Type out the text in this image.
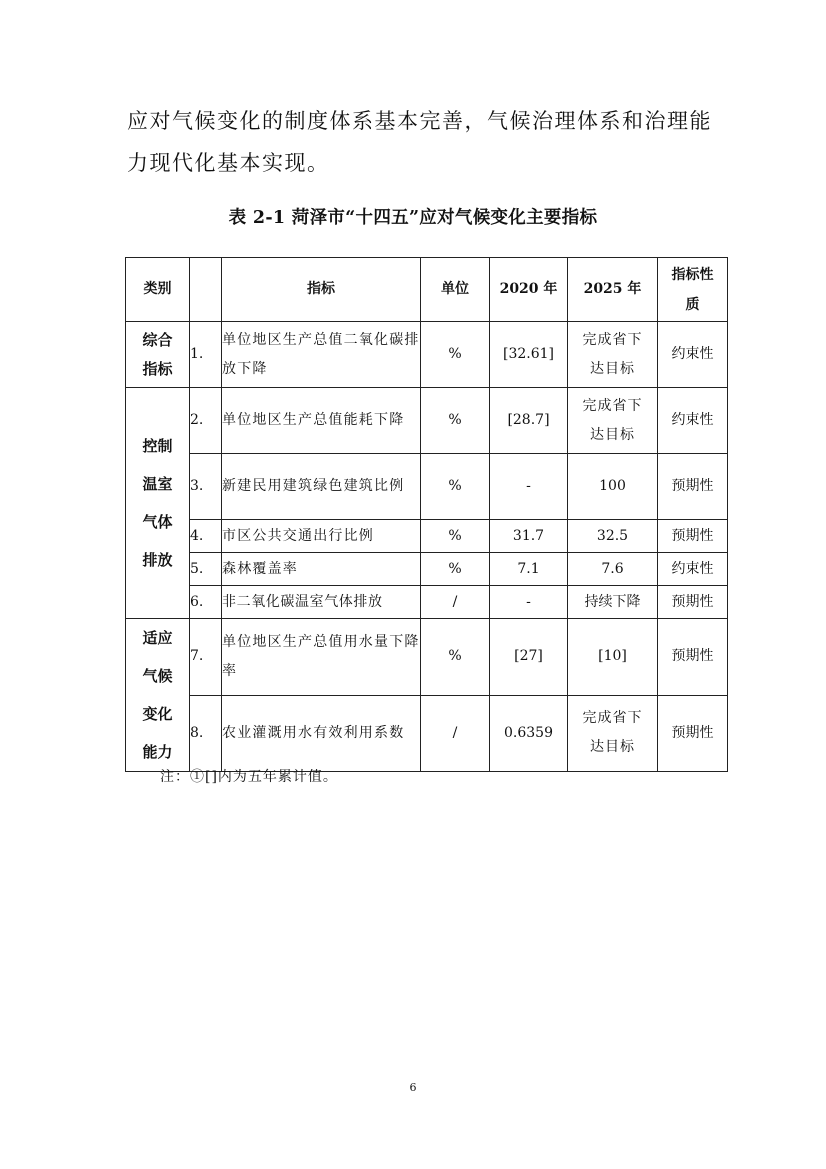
应对气候变化的制度体系基本完善，气候治理体系和治理能
力现代化基本实现。

表 2-1 菏泽市“十四五”应对气候变化主要指标

类别		指标	单位	2020 年	2025 年	指标性质
综合指标	1.	单位地区生产总值二氧化碳排放下降	%	[32.61]	完成省下达目标	约束性
控制温室气体排放	2.	单位地区生产总值能耗下降	%	[28.7]	完成省下达目标	约束性
	3.	新建民用建筑绿色建筑比例	%	-	100	预期性
	4.	市区公共交通出行比例	%	31.7	32.5	预期性
	5.	森林覆盖率	%	7.1	7.6	约束性
	6.	非二氧化碳温室气体排放	/	-	持续下降	预期性
适应气候变化能力	7.	单位地区生产总值用水量下降率	%	[27]	[10]	预期性
	8.	农业灌溉用水有效利用系数	/	0.6359	完成省下达目标	预期性

注：①[]内为五年累计值。

6
